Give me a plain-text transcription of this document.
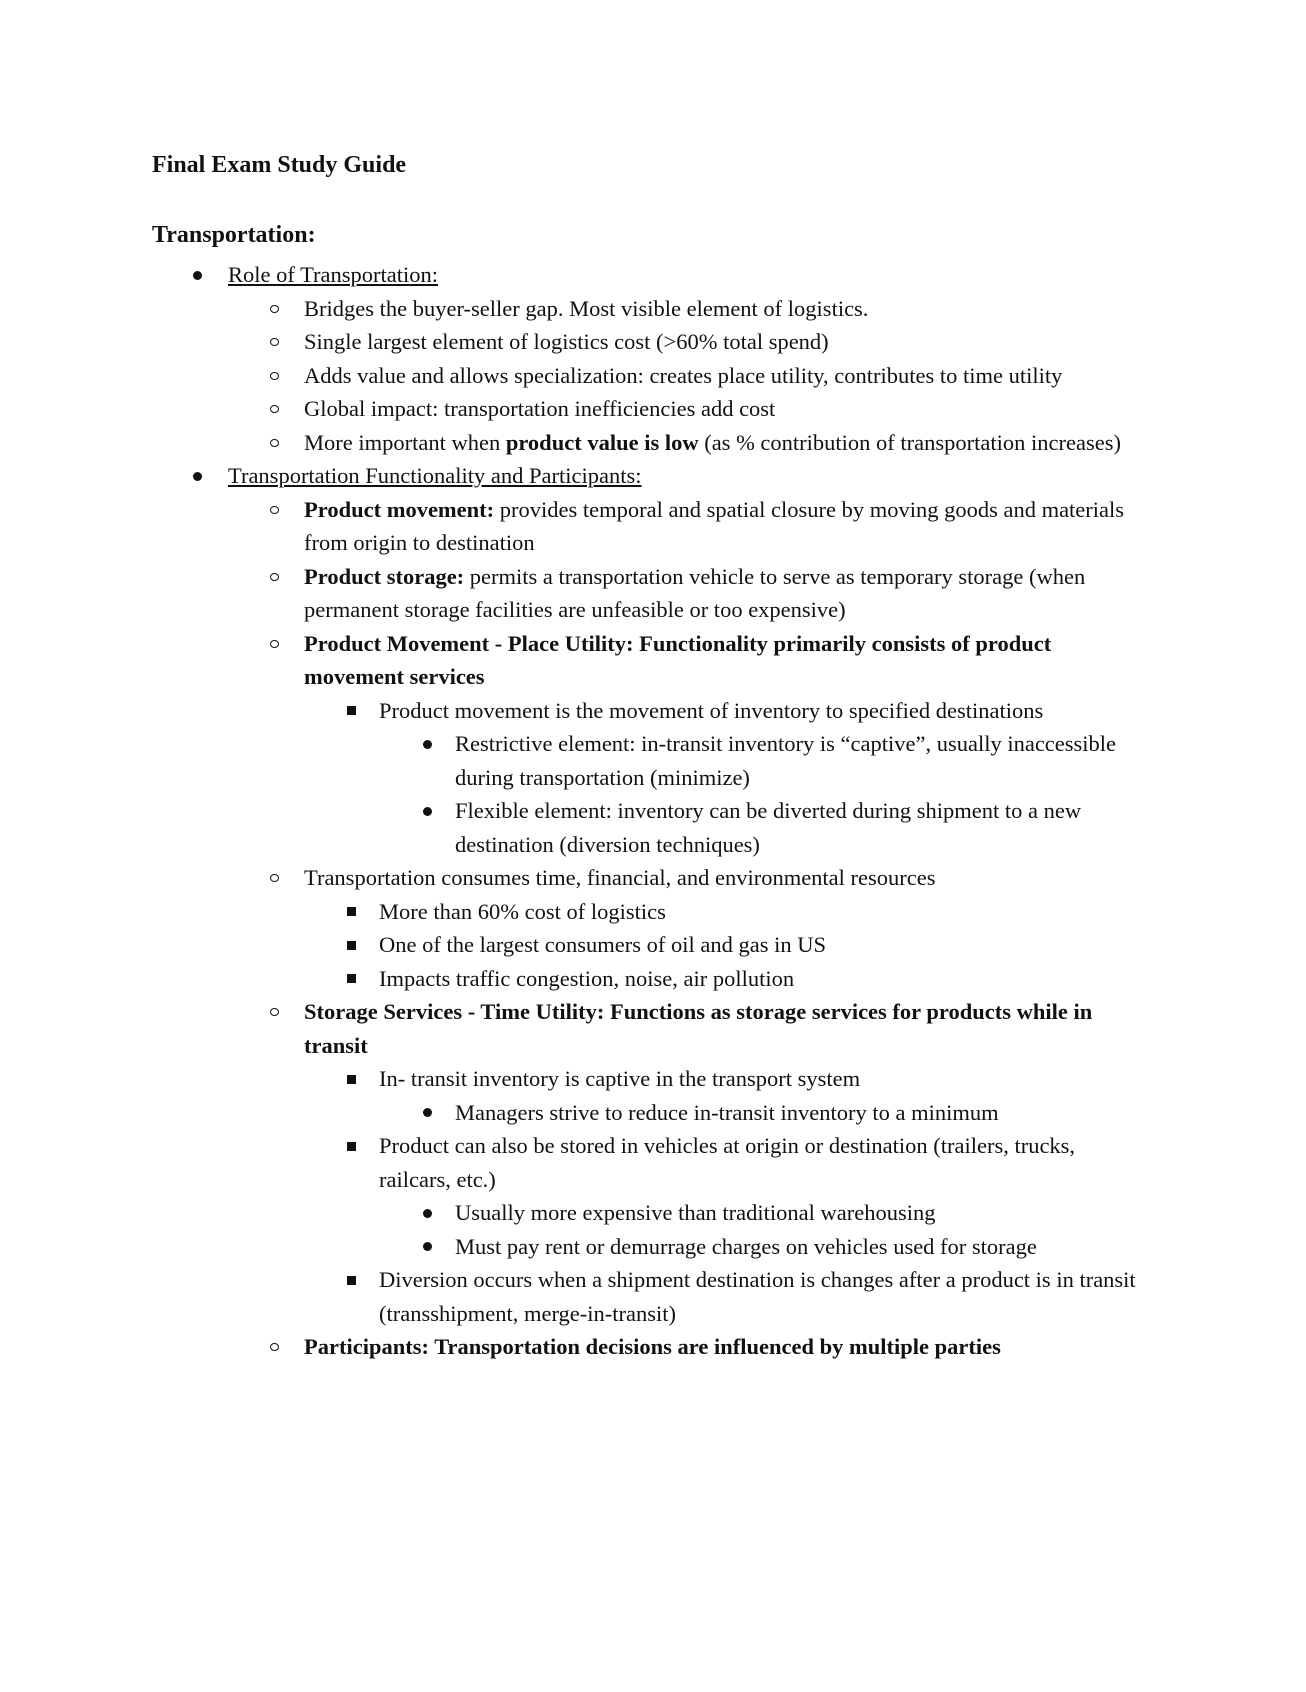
Final Exam Study Guide
Transportation:
Role of Transportation:
Bridges the buyer-seller gap. Most visible element of logistics.
Single largest element of logistics cost (>60% total spend)
Adds value and allows specialization: creates place utility, contributes to time utility
Global impact: transportation inefficiencies add cost
More important when product value is low (as % contribution of transportation increases)
Transportation Functionality and Participants:
Product movement: provides temporal and spatial closure by moving goods and materials from origin to destination
Product storage: permits a transportation vehicle to serve as temporary storage (when permanent storage facilities are unfeasible or too expensive)
Product Movement - Place Utility: Functionality primarily consists of product movement services
Product movement is the movement of inventory to specified destinations
Restrictive element: in-transit inventory is “captive”, usually inaccessible during transportation (minimize)
Flexible element: inventory can be diverted during shipment to a new destination (diversion techniques)
Transportation consumes time, financial, and environmental resources
More than 60% cost of logistics
One of the largest consumers of oil and gas in US
Impacts traffic congestion, noise, air pollution
Storage Services - Time Utility: Functions as storage services for products while in transit
In- transit inventory is captive in the transport system
Managers strive to reduce in-transit inventory to a minimum
Product can also be stored in vehicles at origin or destination (trailers, trucks, railcars, etc.)
Usually more expensive than traditional warehousing
Must pay rent or demurrage charges on vehicles used for storage
Diversion occurs when a shipment destination is changes after a product is in transit (transshipment, merge-in-transit)
Participants: Transportation decisions are influenced by multiple parties
